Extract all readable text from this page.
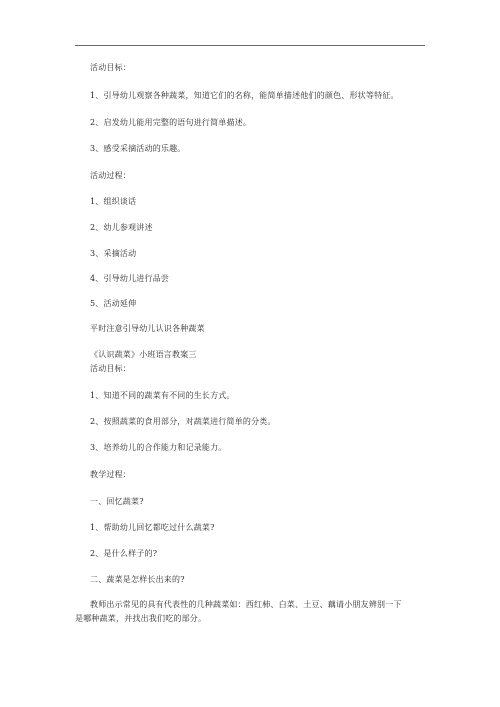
活动目标：
1、引导幼儿观察各种蔬菜，知道它们的名称，能简单描述他们的颜色、形状等特征。
2、启发幼儿能用完整的语句进行简单描述。
3、感受采摘活动的乐趣。
活动过程：
1、组织谈话
2、幼儿参观讲述
3、采摘活动
4、引导幼儿进行品尝
5、活动延伸
平时注意引导幼儿认识各种蔬菜
《认识蔬菜》小班语言教案三
活动目标：
1、知道不同的蔬菜有不同的生长方式。
2、按照蔬菜的食用部分，对蔬菜进行简单的分类。
3、培养幼儿的合作能力和记录能力。
教学过程：
一、回忆蔬菜?
1、帮助幼儿回忆都吃过什么蔬菜?
2、是什么样子的?
二、蔬菜是怎样长出来的?
教师出示常见的具有代表性的几种蔬菜如：西红柿、白菜、土豆、藕请小朋友辨别一下
是哪种蔬菜，并找出我们吃的部分。
